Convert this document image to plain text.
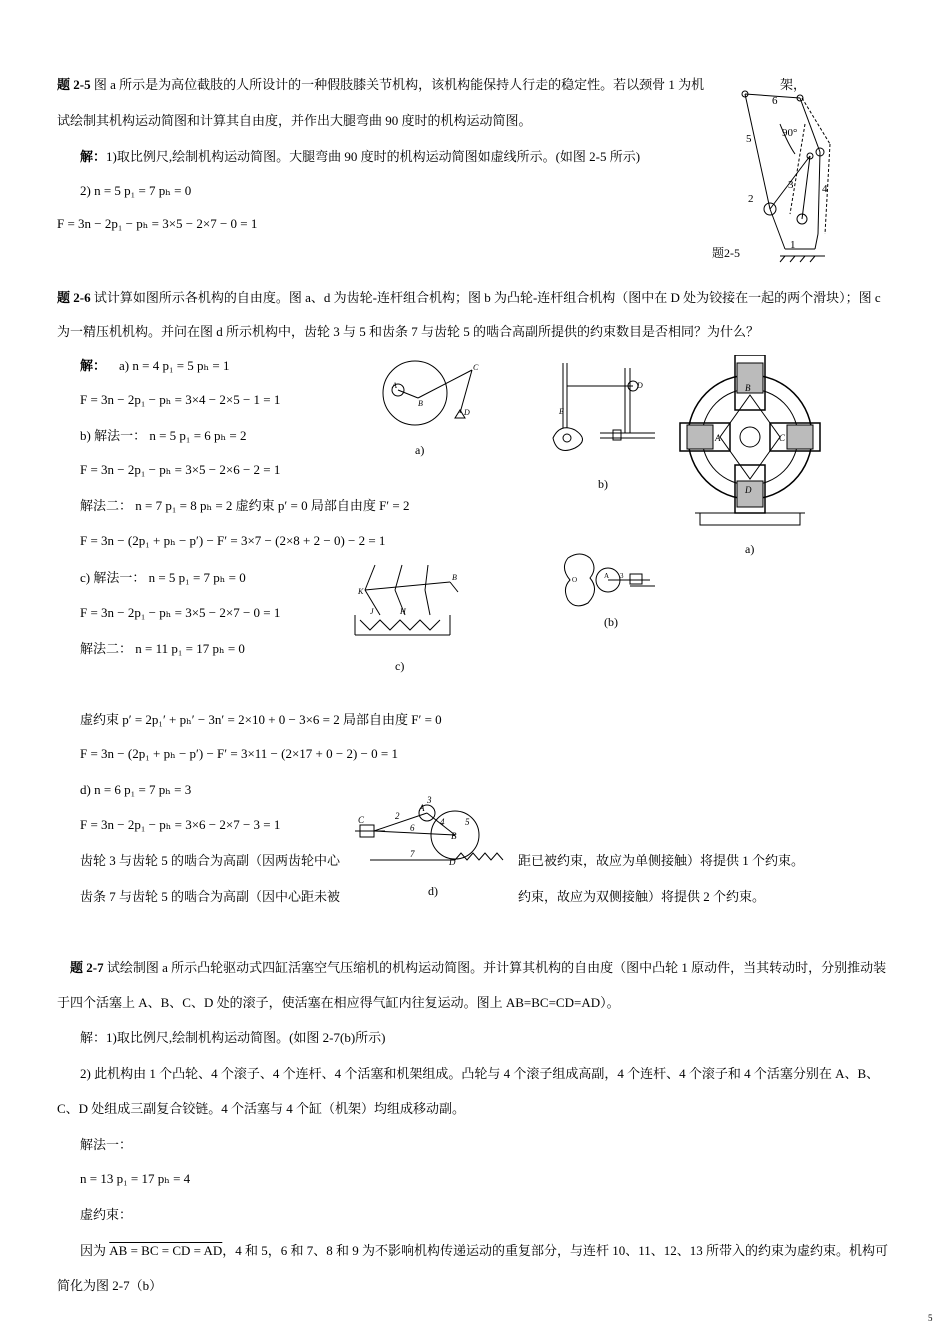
题 2-5 图 a 所示是为高位截肢的人所设计的一种假肢膝关节机构，该机构能保持人行走的稳定性。若以颈骨 1 为机	架，
试绘制其机构运动简图和计算其自由度，并作出大腿弯曲 90 度时的机构运动简图。
解：1)取比例尺,绘制机构运动简图。大腿弯曲 90 度时的机构运动简图如虚线所示。(如图 2-5 所示)
2) n = 5 p₁ = 7 pₕ = 0
F = 3n − 2p₁ − pₕ = 3×5 − 2×7 − 0 = 1
6
90°
5
3	4
2
1
题2-5
题 2-6 试计算如图所示各机构的自由度。图 a、d 为齿轮-连杆组合机构；图 b 为凸轮-连杆组合机构（图中在 D 处为铰接在一起的两个滑块）；图 c
为一精压机机构。并问在图 d 所示机构中，齿轮 3 与 5 和齿条 7 与齿轮 5 的啮合高副所提供的约束数目是否相同？为什么？
解： a) n = 4 p₁ = 5 pₕ = 1
F = 3n − 2p₁ − pₕ = 3×4 − 2×5 − 1 = 1
b) 解法一： n = 5 p₁ = 6 pₕ = 2
F = 3n − 2p₁ − pₕ = 3×5 − 2×6 − 2 = 1
解法二： n = 7 p₁ = 8 pₕ = 2 虚约束 p′ = 0 局部自由度 F′ = 2
F = 3n − (2p₁ + pₕ − p′) − F′ = 3×7 − (2×8 + 2 − 0) − 2 = 1
c) 解法一： n = 5 p₁ = 7 pₕ = 0
F = 3n − 2p₁ − pₕ = 3×5 − 2×7 − 0 = 1
解法二： n = 11 p₁ = 17 pₕ = 0
虚约束 p′ = 2p₁′ + pₕ′ − 3n′ = 2×10 + 0 − 3×6 = 2 局部自由度 F′ = 0
F = 3n − (2p₁ + pₕ − p′) − F′ = 3×11 − (2×17 + 0 − 2) − 0 = 1
d) n = 6 p₁ = 7 pₕ = 3
F = 3n − 2p₁ − pₕ = 3×6 − 2×7 − 3 = 1
齿轮 3 与齿轮 5 的啮合为高副（因两齿轮中心	距已被约束，故应为单侧接触）将提供 1 个约束。
齿条 7 与齿轮 5 的啮合为高副（因中心距未被	约束，故应为双侧接触）将提供 2 个约束。
A
B
C
D
a)
E
D
b)
B
D
A	C
a)
K
J	H
B
c)
O	A 3
(b)
2
3
A
4 5
6
B
7
D
C
d)
题 2-7 试绘制图 a 所示凸轮驱动式四缸活塞空气压缩机的机构运动简图。并计算其机构的自由度（图中凸轮 1 原动件，当其转动时，分别推动装
于四个活塞上 A、B、C、D 处的滚子，使活塞在相应得气缸内往复运动。图上 AB=BC=CD=AD）。
解：1)取比例尺,绘制机构运动简图。(如图 2-7(b)所示)
2) 此机构由 1 个凸轮、4 个滚子、4 个连杆、4 个活塞和机架组成。凸轮与 4 个滚子组成高副，4 个连杆、4 个滚子和 4 个活塞分别在 A、B、
C、D 处组成三副复合铰链。4 个活塞与 4 个缸（机架）均组成移动副。
解法一：
n = 13 p₁ = 17 pₕ = 4
虚约束：
因为 AB = BC = CD = AD，4 和 5，6 和 7、8 和 9 为不影响机构传递运动的重复部分，与连杆 10、11、12、13 所带入的约束为虚约束。机构可
简化为图 2-7（b）
5
